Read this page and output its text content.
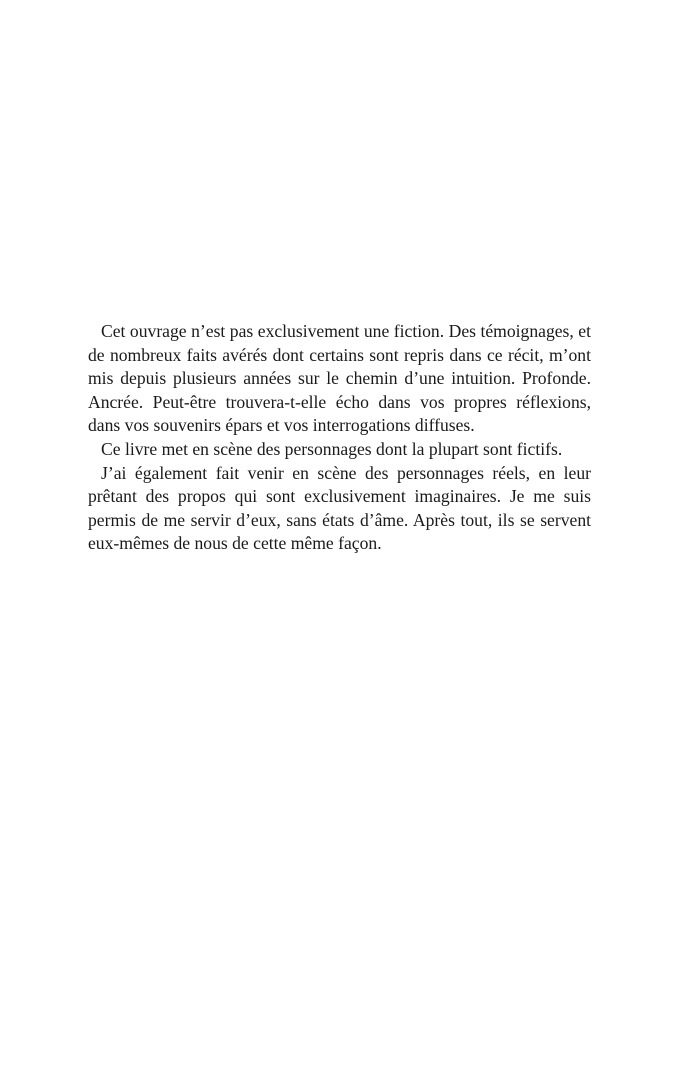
Cet ouvrage n’est pas exclusivement une fiction. Des témoignages, et de nombreux faits avérés dont certains sont repris dans ce récit, m’ont mis depuis plusieurs années sur le chemin d’une intuition. Profonde. Ancrée. Peut-être trouvera-t-elle écho dans vos propres réflexions, dans vos souvenirs épars et vos interrogations diffuses.

Ce livre met en scène des personnages dont la plupart sont fictifs.

J’ai également fait venir en scène des personnages réels, en leur prêtant des propos qui sont exclusivement imaginaires. Je me suis permis de me servir d’eux, sans états d’âme. Après tout, ils se servent eux-mêmes de nous de cette même façon.
